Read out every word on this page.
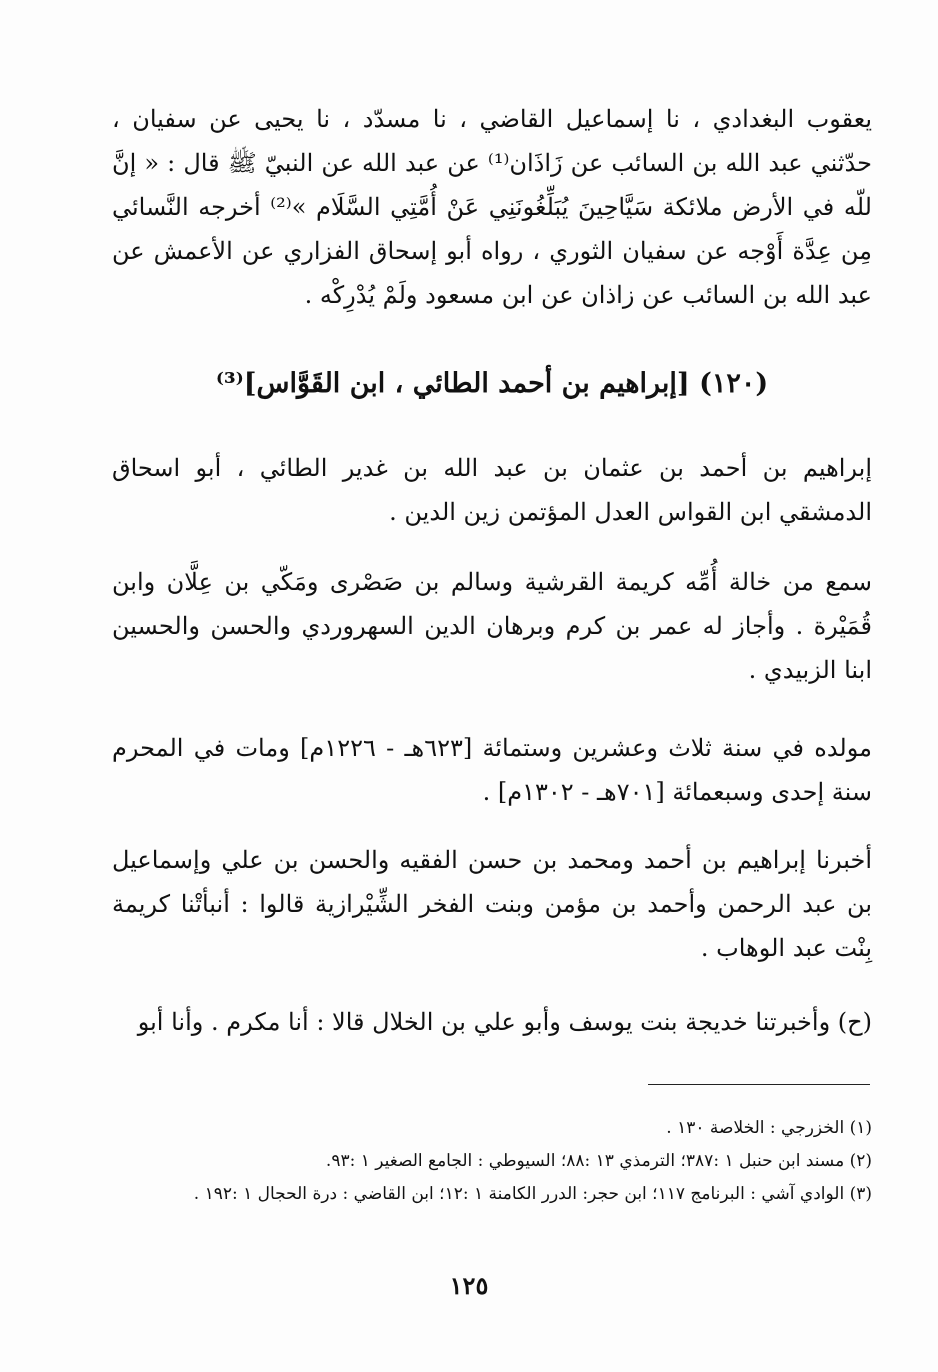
يعقوب البغدادي ، نا إسماعيل القاضي ، نا مسدّد ، نا يحيى عن سفيان ، حدّثني عبد الله بن السائب عن زَاذَان⁽¹⁾ عن عبد الله عن النبيّ ﷺ قال : « إنَّ للّه في الأرض ملائكة سَيَّاحِينَ يُبَلِّغُونَنِي عَنْ أُمَّتِي السَّلَام »⁽²⁾ أخرجه النَّسائي مِن عِدَّة أَوْجه عن سفيان الثوري ، رواه أبو إسحاق الفزاري عن الأعمش عن عبد الله بن السائب عن زاذان عن ابن مسعود ولَمْ يُدْرِكْه .

(١٢٠) [إبراهيم بن أحمد الطائي ، ابن القَوَّاس]⁽³⁾

إبراهيم بن أحمد بن عثمان بن عبد الله بن غدير الطائي ، أبو اسحاق الدمشقي ابن القواس العدل المؤتمن زين الدين .

سمع من خالة أُمِّه كريمة القرشية وسالم بن صَصْرى ومَكّي بن عِلَّان وابن قُمَيْرة . وأجاز له عمر بن كرم وبرهان الدين السهروردي والحسن والحسين ابنا الزبيدي .

مولده في سنة ثلاث وعشرين وستمائة [٦٢٣هـ - ١٢٢٦م] ومات في المحرم سنة إحدى وسبعمائة [٧٠١هـ - ١٣٠٢م] .

أخبرنا إبراهيم بن أحمد ومحمد بن حسن الفقيه والحسن بن علي وإسماعيل بن عبد الرحمن وأحمد بن مؤمن وبنت الفخر الشِّيْرازية قالوا : أنبأتْنا كريمة بِنْت عبد الوهاب .

(ح) وأخبرتنا خديجة بنت يوسف وأبو علي بن الخلال قالا : أنا مكرم . وأنا أبو

(١) الخزرجي : الخلاصة ١٣٠ .
(٢) مسند ابن حنبل ١ :٣٨٧؛ الترمذي ١٣ :٨٨؛ السيوطي : الجامع الصغير ١ :٩٣.
(٣) الوادي آشي : البرنامج ١١٧؛ ابن حجر: الدرر الكامنة ١ :١٢؛ ابن القاضي : درة الحجال ١ :١٩٢ .
١٢٥
